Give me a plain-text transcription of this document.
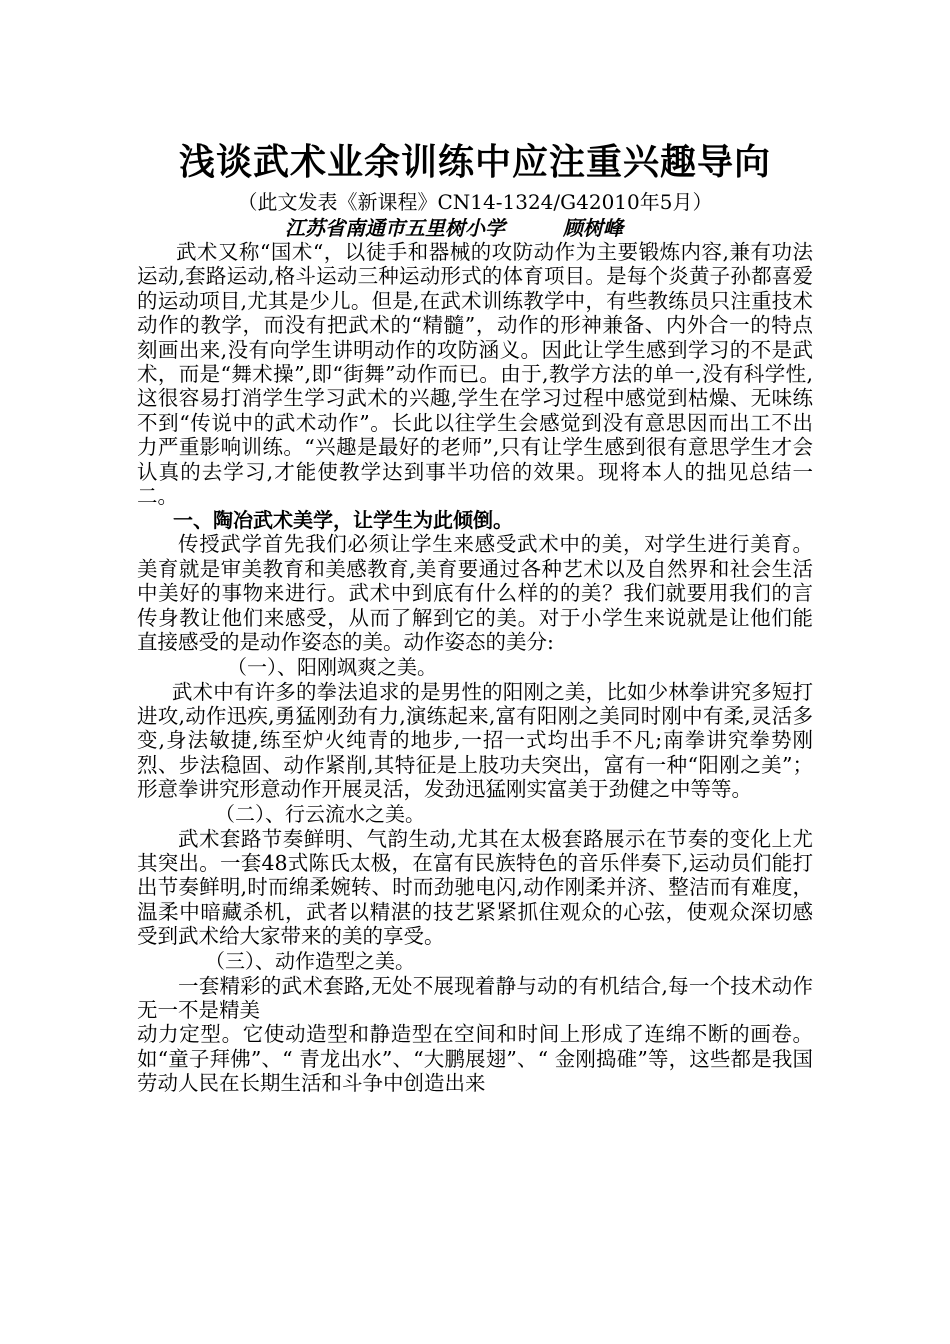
浅谈武术业余训练中应注重兴趣导向

（此文发表《新课程》CN14-1324/G42010年5月）

江苏省南通市五里树小学	顾树峰

武术又称“国术“，以徒手和器械的攻防动作为主要锻炼内容,兼有功法运动,套路运动,格斗运动三种运动形式的体育项目。是每个炎黄子孙都喜爱的运动项目,尤其是少儿。但是,在武术训练教学中，有些教练员只注重技术动作的教学，而没有把武术的“精髓”，动作的形神兼备、内外合一的特点刻画出来,没有向学生讲明动作的攻防涵义。因此让学生感到学习的不是武术，而是“舞术操”,即“街舞”动作而已。由于,教学方法的单一,没有科学性,这很容易打消学生学习武术的兴趣,学生在学习过程中感觉到枯燥、无味练不到“传说中的武术动作”。长此以往学生会感觉到没有意思因而出工不出力严重影响训练。“兴趣是最好的老师”,只有让学生感到很有意思学生才会认真的去学习,才能使教学达到事半功倍的效果。现将本人的拙见总结一二。

一、陶冶武术美学，让学生为此倾倒。

传授武学首先我们必须让学生来感受武术中的美，对学生进行美育。美育就是审美教育和美感教育,美育要通过各种艺术以及自然界和社会生活中美好的事物来进行。武术中到底有什么样的的美？我们就要用我们的言传身教让他们来感受，从而了解到它的美。对于小学生来说就是让他们能直接感受的是动作姿态的美。动作姿态的美分:

（一）、阳刚飒爽之美。

武术中有许多的拳法追求的是男性的阳刚之美，比如少林拳讲究多短打进攻,动作迅疾,勇猛刚劲有力,演练起来,富有阳刚之美同时刚中有柔,灵活多变,身法敏捷,练至炉火纯青的地步,一招一式均出手不凡;南拳讲究拳势刚烈、步法稳固、动作紧削,其特征是上肢功夫突出，富有一种“阳刚之美”；形意拳讲究形意动作开展灵活，发劲迅猛刚实富美于劲健之中等等。

（二）、行云流水之美。

武术套路节奏鲜明、气韵生动,尤其在太极套路展示在节奏的变化上尤其突出。一套48式陈氏太极，在富有民族特色的音乐伴奏下,运动员们能打出节奏鲜明,时而绵柔婉转、时而劲驰电闪,动作刚柔并济、整洁而有难度，温柔中暗藏杀机，武者以精湛的技艺紧紧抓住观众的心弦，使观众深切感受到武术给大家带来的美的享受。

（三）、动作造型之美。

一套精彩的武术套路,无处不展现着静与动的有机结合,每一个技术动作无一不是精美

动力定型。它使动造型和静造型在空间和时间上形成了连绵不断的画卷。如“童子拜佛”、“ 青龙出水”、“大鹏展翅”、“ 金刚捣碓”等，这些都是我国劳动人民在长期生活和斗争中创造出来
